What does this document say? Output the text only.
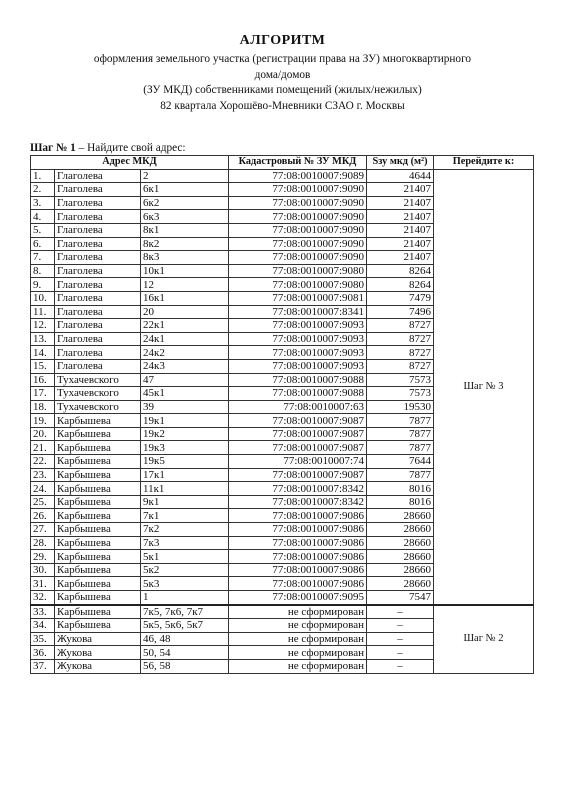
АЛГОРИТМ
оформления земельного участка (регистрации права на ЗУ) многоквартирного
дома/домов
(ЗУ МКД) собственниками помещений (жилых/нежилых)
82 квартала Хорошёво-Мневники СЗАО г. Москвы
Шаг № 1 – Найдите свой адрес:
Адрес МКД			Кадастровый № ЗУ МКД	Sзу мкд (м²)	Перейдите к:
1.	Глаголева	2	77:08:0010007:9089	4644	Шаг № 3
2.	Глаголева	6к1	77:08:0010007:9090	21407	
3.	Глаголева	6к2	77:08:0010007:9090	21407	
4.	Глаголева	6к3	77:08:0010007:9090	21407	
5.	Глаголева	8к1	77:08:0010007:9090	21407	
6.	Глаголева	8к2	77:08:0010007:9090	21407	
7.	Глаголева	8к3	77:08:0010007:9090	21407	
8.	Глаголева	10к1	77:08:0010007:9080	8264	
9.	Глаголева	12	77:08:0010007:9080	8264	
10.	Глаголева	16к1	77:08:0010007:9081	7479	
11.	Глаголева	20	77:08:0010007:8341	7496	
12.	Глаголева	22к1	77:08:0010007:9093	8727	
13.	Глаголева	24к1	77:08:0010007:9093	8727	
14.	Глаголева	24к2	77:08:0010007:9093	8727	
15.	Глаголева	24к3	77:08:0010007:9093	8727	
16.	Тухачевского	47	77:08:0010007:9088	7573	
17.	Тухачевского	45к1	77:08:0010007:9088	7573	
18.	Тухачевского	39	77:08:0010007:63	19530	
19.	Карбышева	19к1	77:08:0010007:9087	7877	
20.	Карбышева	19к2	77:08:0010007:9087	7877	
21.	Карбышева	19к3	77:08:0010007:9087	7877	
22.	Карбышева	19к5	77:08:0010007:74	7644	
23.	Карбышева	17к1	77:08:0010007:9087	7877	
24.	Карбышева	11к1	77:08:0010007:8342	8016	
25.	Карбышева	9к1	77:08:0010007:8342	8016	
26.	Карбышева	7к1	77:08:0010007:9086	28660	
27.	Карбышева	7к2	77:08:0010007:9086	28660	
28.	Карбышева	7к3	77:08:0010007:9086	28660	
29.	Карбышева	5к1	77:08:0010007:9086	28660	
30.	Карбышева	5к2	77:08:0010007:9086	28660	
31.	Карбышева	5к3	77:08:0010007:9086	28660	
32.	Карбышева	1	77:08:0010007:9095	7547	
33.	Карбышева	7к5, 7к6, 7к7	не сформирован	–	Шаг № 2
34.	Карбышева	5к5, 5к6, 5к7	не сформирован	–	
35.	Жукова	46, 48	не сформирован	–	
36.	Жукова	50, 54	не сформирован	–	
37.	Жукова	56, 58	не сформирован	–	
